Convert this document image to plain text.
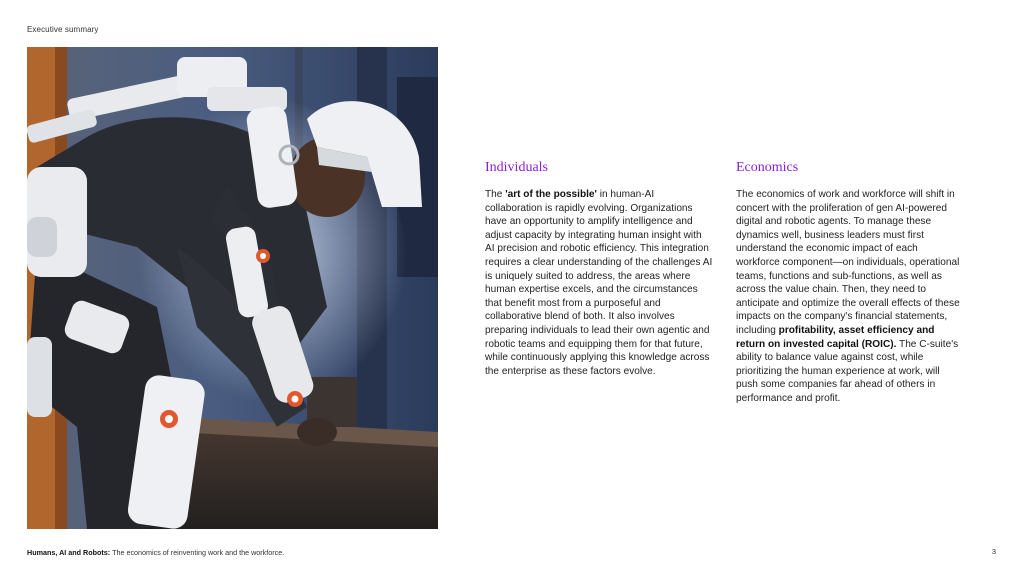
Executive summary
Individuals

The 'art of the possible' in human-AI collaboration is rapidly evolving. Organizations have an opportunity to amplify intelligence and adjust capacity by integrating human insight with AI precision and robotic efficiency. This integration requires a clear understanding of the challenges AI is uniquely suited to address, the areas where human expertise excels, and the circumstances that benefit most from a purposeful and collaborative blend of both. It also involves preparing individuals to lead their own agentic and robotic teams and equipping them for that future, while continuously applying this knowledge across the enterprise as these factors evolve.

Economics

The economics of work and workforce will shift in concert with the proliferation of gen AI-powered digital and robotic agents. To manage these dynamics well, business leaders must first understand the economic impact of each workforce component—on individuals, operational teams, functions and sub-functions, as well as across the value chain. Then, they need to anticipate and optimize the overall effects of these impacts on the company's financial statements, including profitability, asset efficiency and return on invested capital (ROIC). The C-suite's ability to balance value against cost, while prioritizing the human experience at work, will push some companies far ahead of others in performance and profit.

Humans, AI and Robots: The economics of reinventing work and the workforce.	3
